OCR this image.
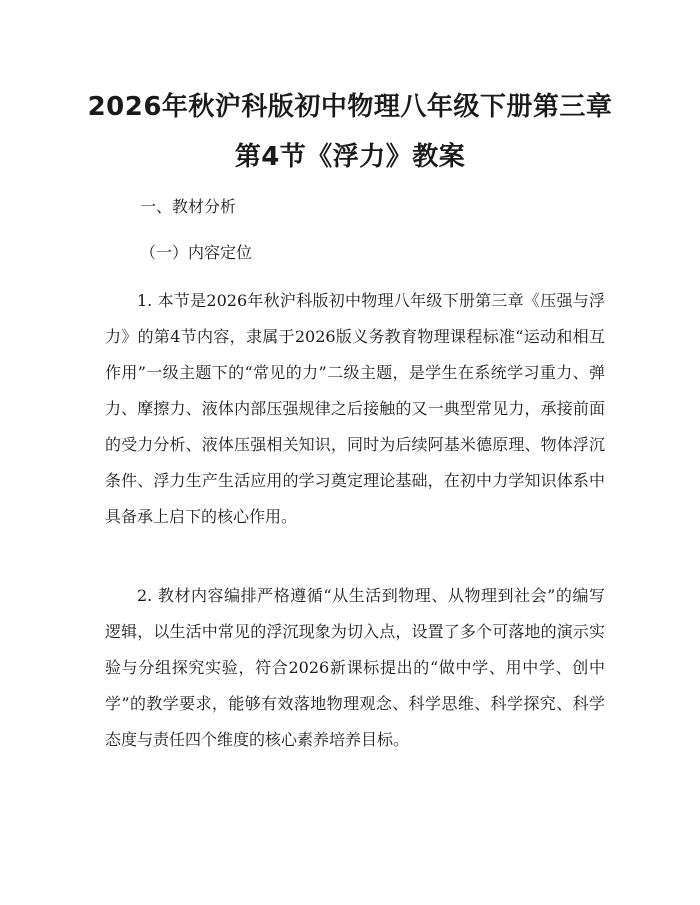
2026年秋沪科版初中物理八年级下册第三章
第4节《浮力》教案

一、教材分析

（一）内容定位

1. 本节是2026年秋沪科版初中物理八年级下册第三章《压强与浮力》的第4节内容，隶属于2026版义务教育物理课程标准“运动和相互作用”一级主题下的“常见的力”二级主题，是学生在系统学习重力、弹力、摩擦力、液体内部压强规律之后接触的又一典型常见力，承接前面的受力分析、液体压强相关知识，同时为后续阿基米德原理、物体浮沉条件、浮力生产生活应用的学习奠定理论基础，在初中力学知识体系中具备承上启下的核心作用。

2. 教材内容编排严格遵循“从生活到物理、从物理到社会”的编写逻辑，以生活中常见的浮沉现象为切入点，设置了多个可落地的演示实验与分组探究实验，符合2026新课标提出的“做中学、用中学、创中学”的教学要求，能够有效落地物理观念、科学思维、科学探究、科学态度与责任四个维度的核心素养培养目标。
